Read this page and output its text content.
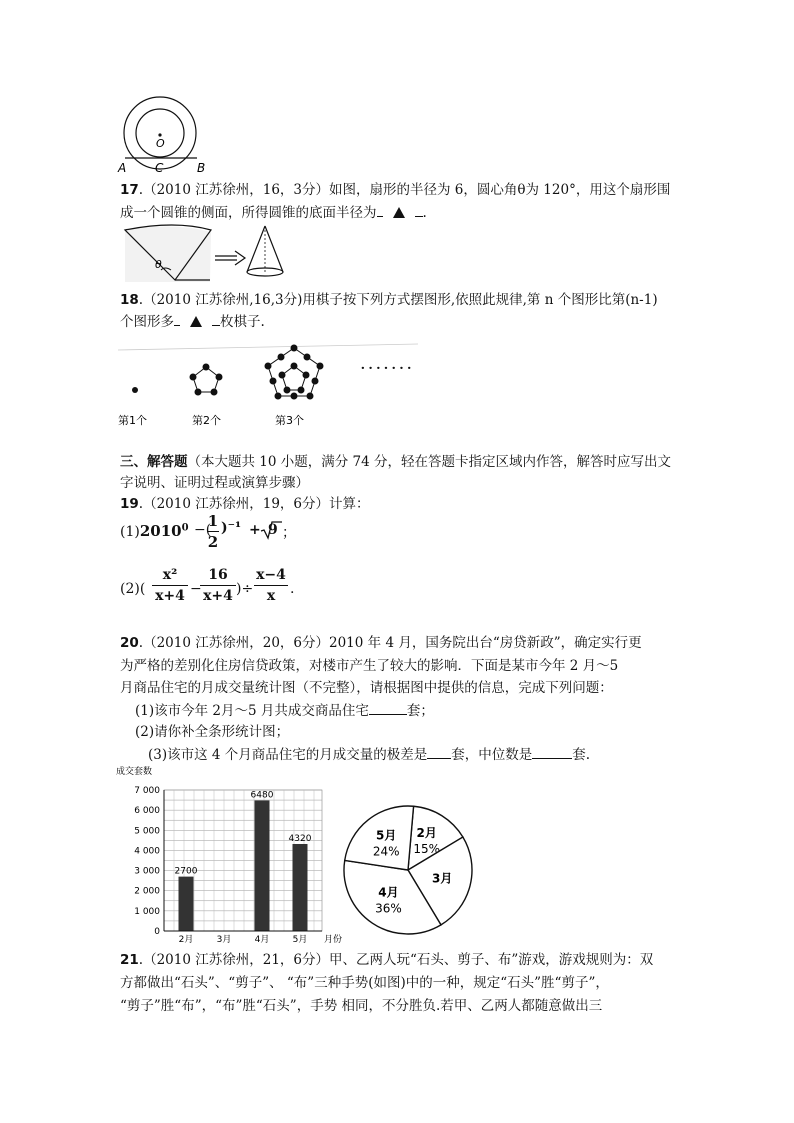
O
A C	B
17.（2010 江苏徐州，16，3分）如图，扇形的半径为 6，圆心角θ为 120°，用这个扇形围
成一个圆锥的侧面，所得圆锥的底面半径为	.
θ
18.（2010 江苏徐州,16,3分)用棋子按下列方式摆图形,依照此规律,第 n 个图形比第(n-1)
个图形多	枚棋子.
第1个	第2个	第3个
·······
三、解答题（本大题共 10 小题，满分 74 分，轻在答题卡指定区域内作答，解答时应写出文
字说明、证明过程或演算步骤）
19.（2010 江苏徐州，19，6分）计算：
$(1)2010^0$ −(
1
2
)⁻¹ + 9 ；
(2)(
x²
x+4 −
16
x+4 )÷
x−4
x	.
20.（2010 江苏徐州，20，6分）2010 年 4 月，国务院出台“房贷新政”，确定实行更
为严格的差别化住房信贷政策，对楼市产生了较大的影响．下面是某市今年 2 月～5
月商品住宅的月成交量统计图（不完整），请根据图中提供的信息，完成下列问题：
(1)该市今年 2月～5 月共成交商品住宅	套；
(2)请你补全条形统计图；
(3)该市这 4 个月商品住宅的月成交量的极差是 套，中位数是	套.
0
1 000
2 000
3 000
4 000
5 000
6 000
7 000
成交套数
2700
2月	3月
6480
4月
4320
5月 月份
2月
15%
3月
4月
36%
5月
24%
21.（2010 江苏徐州，21，6分）甲、乙两人玩“石头、剪子、布”游戏，游戏规则为：双
方都做出“石头”、“剪子”、 “布”三种手势(如图)中的一种，规定“石头”胜“剪子”，
“剪子”胜“布”，“布”胜“石头”，手势 相同，不分胜负.若甲、乙两人都随意做出三
